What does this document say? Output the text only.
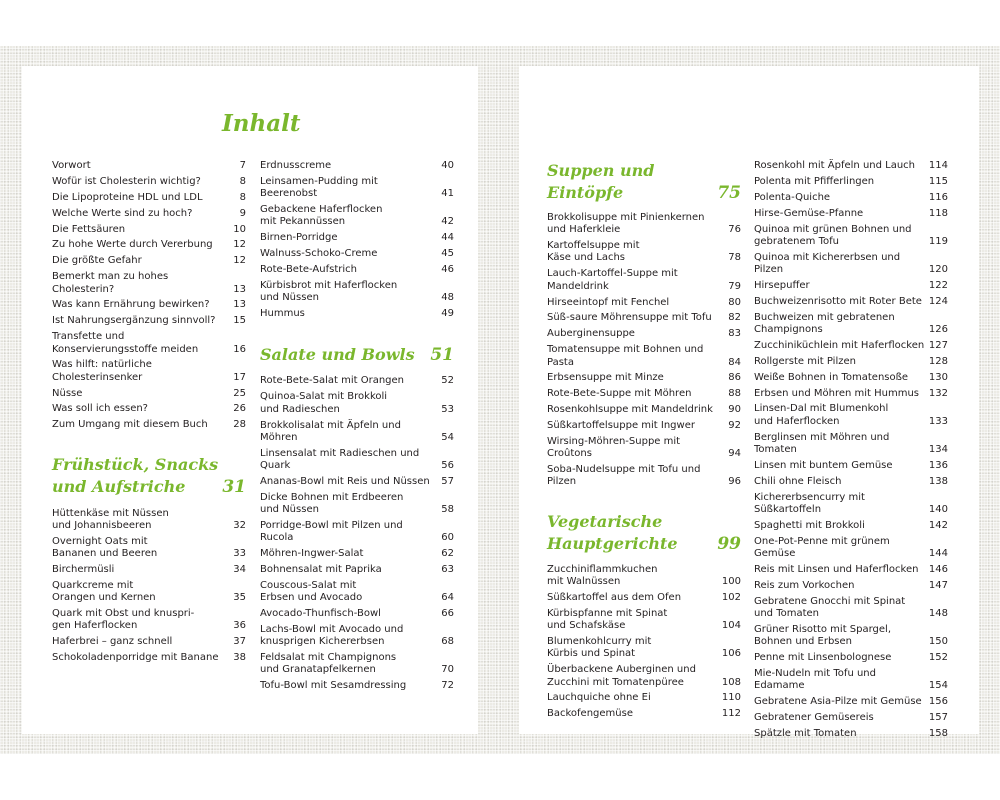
Inhalt
Vorwort	7
Wofür ist Cholesterin wichtig?	8
Die Lipoproteine HDL und LDL	8
Welche Werte sind zu hoch?	9
Die Fettsäuren	10
Zu hohe Werte durch Vererbung	12
Die größte Gefahr	12
Bemerkt man zu hohes Cholesterin?	13
Was kann Ernährung bewirken?	13
Ist Nahrungsergänzung sinnvoll?	15
Transfette und
Konservierungsstoffe meiden	16
Was hilft: natürliche
Cholesterinsenker	17
Nüsse	25
Was soll ich essen?	26
Zum Umgang mit diesem Buch	28
Frühstück, Snacks
und Aufstriche	31
Hüttenkäse mit Nüssen
und Johannisbeeren	32
Overnight Oats mit
Bananen und Beeren	33
Birchermüsli	34
Quarkcreme mit
Orangen und Kernen	35
Quark mit Obst und knuspri-
gen Haferflocken	36
Haferbrei – ganz schnell	37
Schokoladenporridge mit Banane	38
Erdnusscreme	40
Leinsamen-Pudding mit Beerenobst	41
Gebackene Haferflocken
mit Pekannüssen	42
Birnen-Porridge	44
Walnuss-Schoko-Creme	45
Rote-Bete-Aufstrich	46
Kürbisbrot mit Haferflocken
und Nüssen	48
Hummus	49
Salate und Bowls 51
Rote-Bete-Salat mit Orangen	52
Quinoa-Salat mit Brokkoli
und Radieschen	53
Brokkolisalat mit Äpfeln und Möhren	54
Linsensalat mit Radieschen und Quark	56
Ananas-Bowl mit Reis und Nüssen	57
Dicke Bohnen mit Erdbeeren
und Nüssen	58
Porridge-Bowl mit Pilzen und Rucola	60
Möhren-Ingwer-Salat	62
Bohnensalat mit Paprika	63
Couscous-Salat mit
Erbsen und Avocado	64
Avocado-Thunfisch-Bowl	66
Lachs-Bowl mit Avocado und
knusprigen Kichererbsen	68
Feldsalat mit Champignons
und Granatapfelkernen	70
Tofu-Bowl mit Sesamdressing	72
Suppen und Eintöpfe	75
Brokkolisuppe mit Pinienkernen
und Haferkleie	76
Kartoffelsuppe mit
Käse und Lachs	78
Lauch-Kartoffel-Suppe mit
Mandeldrink	79
Hirseeintopf mit Fenchel	80
Süß-saure Möhrensuppe mit Tofu	82
Auberginensuppe	83
Tomatensuppe mit Bohnen und Pasta	84
Erbsensuppe mit Minze	86
Rote-Bete-Suppe mit Möhren	88
Rosenkohlsuppe mit Mandeldrink	90
Süßkartoffelsuppe mit Ingwer	92
Wirsing-Möhren-Suppe mit Croûtons	94
Soba-Nudelsuppe mit Tofu und Pilzen	96
Vegetarische
Hauptgerichte 99
Zucchiniflammkuchen
mit Walnüssen	100
Süßkartoffel aus dem Ofen	102
Kürbispfanne mit Spinat
und Schafskäse	104
Blumenkohlcurry mit
Kürbis und Spinat	106
Überbackene Auberginen und
Zucchini mit Tomatenpüree	108
Lauchquiche ohne Ei	110
Backofengemüse	112
Rosenkohl mit Äpfeln und Lauch	114
Polenta mit Pfifferlingen	115
Polenta-Quiche	116
Hirse-Gemüse-Pfanne	118
Quinoa mit grünen Bohnen und
gebratenem Tofu	119
Quinoa mit Kichererbsen und Pilzen	120
Hirsepuffer	122
Buchweizenrisotto mit Roter Bete 124
Buchweizen mit gebratenen
Champignons	126
Zucchiniküchlein mit Haferflocken 127
Rollgerste mit Pilzen	128
Weiße Bohnen in Tomatensoße	130
Erbsen und Möhren mit Hummus 132
Linsen-Dal mit Blumenkohl
und Haferflocken	133
Berglinsen mit Möhren und Tomaten	134
Linsen mit buntem Gemüse	136
Chili ohne Fleisch	138
Kichererbsencurry mit Süßkartoffeln	140
Spaghetti mit Brokkoli	142
One-Pot-Penne mit grünem Gemüse	144
Reis mit Linsen und Haferflocken	146
Reis zum Vorkochen	147
Gebratene Gnocchi mit Spinat
und Tomaten	148
Grüner Risotto mit Spargel,
Bohnen und Erbsen	150
Penne mit Linsenbolognese	152
Mie-Nudeln mit Tofu und Edamame	154
Gebratene Asia-Pilze mit Gemüse 156
Gebratener Gemüsereis	157
Spätzle mit Tomaten	158
